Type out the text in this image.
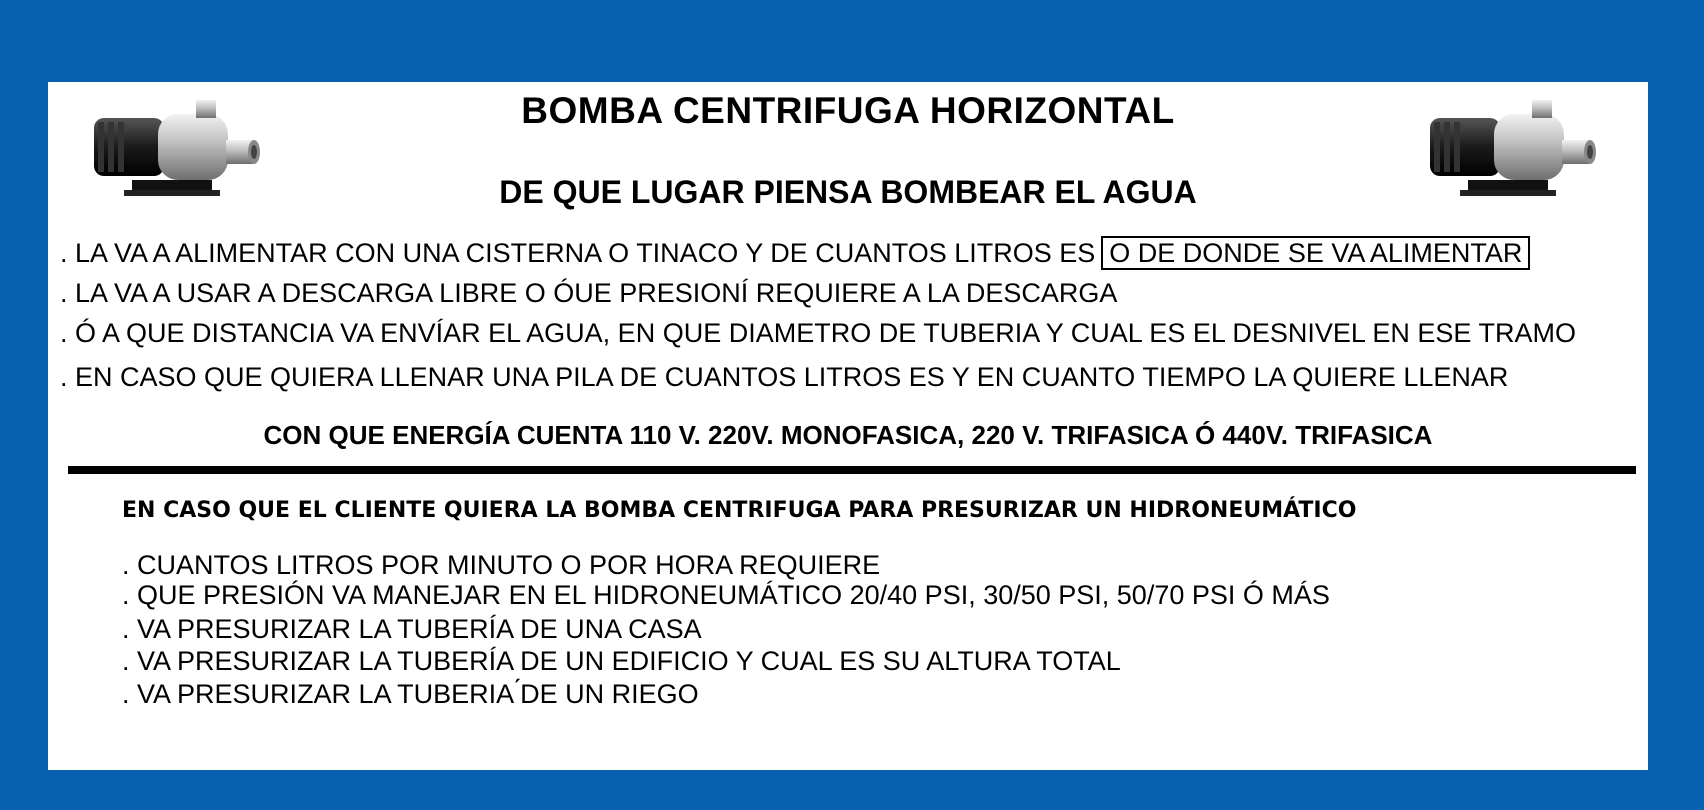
BOMBA CENTRIFUGA HORIZONTAL
DE QUE LUGAR PIENSA BOMBEAR EL AGUA
. LA VA A ALIMENTAR CON UNA CISTERNA O TINACO Y DE CUANTOS LITROS ES O DE DONDE SE VA ALIMENTAR
. LA VA A USAR A DESCARGA LIBRE O ÓUE PRESIONÍ REQUIERE A LA DESCARGA
. Ó A QUE DISTANCIA VA ENVÍAR EL AGUA, EN QUE DIAMETRO DE TUBERIA Y CUAL ES EL DESNIVEL EN ESE TRAMO
. EN CASO QUE QUIERA LLENAR UNA PILA DE CUANTOS LITROS ES Y EN CUANTO TIEMPO LA QUIERE LLENAR
CON QUE ENERGÍA CUENTA 110 V. 220V. MONOFASICA, 220 V. TRIFASICA Ó 440V. TRIFASICA
EN CASO QUE EL CLIENTE QUIERA LA BOMBA CENTRIFUGA PARA PRESURIZAR UN HIDRONEUMÁTICO
. CUANTOS LITROS POR MINUTO O POR HORA REQUIERE
. QUE PRESIÓN VA MANEJAR EN EL HIDRONEUMÁTICO 20/40 PSI, 30/50 PSI, 50/70 PSI Ó MÁS
. VA PRESURIZAR LA TUBERÍA DE UNA CASA
. VA PRESURIZAR LA TUBERÍA DE UN EDIFICIO Y CUAL ES SU ALTURA TOTAL
. VA PRESURIZAR LA TUBERIA ́DE UN RIEGO
